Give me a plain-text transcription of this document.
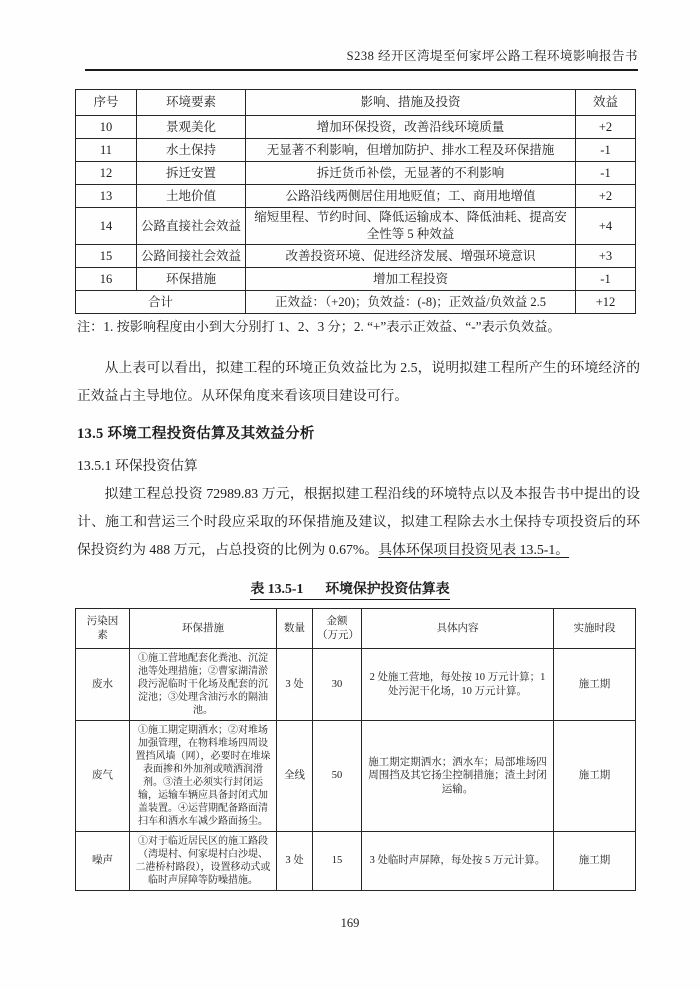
S238 经开区湾堤至何家坪公路工程环境影响报告书
序号	环境要素	影响、措施及投资	效益
10	景观美化	增加环保投资，改善沿线环境质量	+2
11	水土保持	无显著不利影响，但增加防护、排水工程及环保措施	-1
12	拆迁安置	拆迁货币补偿，无显著的不利影响	-1
13	土地价值	公路沿线两侧居住用地贬值；工、商用地增值	+2
14	公路直接社会效益	缩短里程、节约时间、降低运输成本、降低油耗、提高安全性等 5 种效益	+4
15	公路间接社会效益	改善投资环境、促进经济发展、增强环境意识	+3
16	环保措施	增加工程投资	-1
合计		正效益：（+20)；负效益：(-8)；正效益/负效益 2.5	+12
注：1. 按影响程度由小到大分别打 1、2、3 分；2. “+”表示正效益、“-”表示负效益。

从上表可以看出，拟建工程的环境正负效益比为 2.5，说明拟建工程所产生的环境经济的正效益占主导地位。从环保角度来看该项目建设可行。

13.5 环境工程投资估算及其效益分析
13.5.1 环保投资估算

拟建工程总投资 72989.83 万元，根据拟建工程沿线的环境特点以及本报告书中提出的设计、施工和营运三个时段应采取的环保措施及建议，拟建工程除去水土保持专项投资后的环保投资约为 488 万元，占总投资的比例为 0.67%。具体环保项目投资见表 13.5-1。

表 13.5-1 环境保护投资估算表
污染因素	环保措施	数量	金额（万元）	具体内容	实施时段
废水	①施工营地配套化粪池、沉淀池等处理措施；②曹家湖清淤段污泥临时干化场及配套的沉淀池；③处理含油污水的隔油池。	3 处	30	2 处施工营地，每处按 10 万元计算；1 处污泥干化场，10 万元计算。	施工期
废气	①施工期定期洒水；②对堆场加强管理，在物料堆场四周设置挡风墙（网），必要时在堆垛表面掺和外加剂或喷洒润滑剂。③渣土必须实行封闭运输，运输车辆应具备封闭式加盖装置。④运营期配备路面清扫车和洒水车减少路面扬尘。	全线	50	施工期定期洒水；洒水车；局部堆场四周围挡及其它扬尘控制措施；渣土封闭运输。	施工期
噪声	①对于临近居民区的施工路段（湾堤村、何家堤村白沙堤、二港桥村路段），设置移动式或临时声屏障等防噪措施。	3 处	15	3 处临时声屏障，每处按 5 万元计算。	施工期
169
